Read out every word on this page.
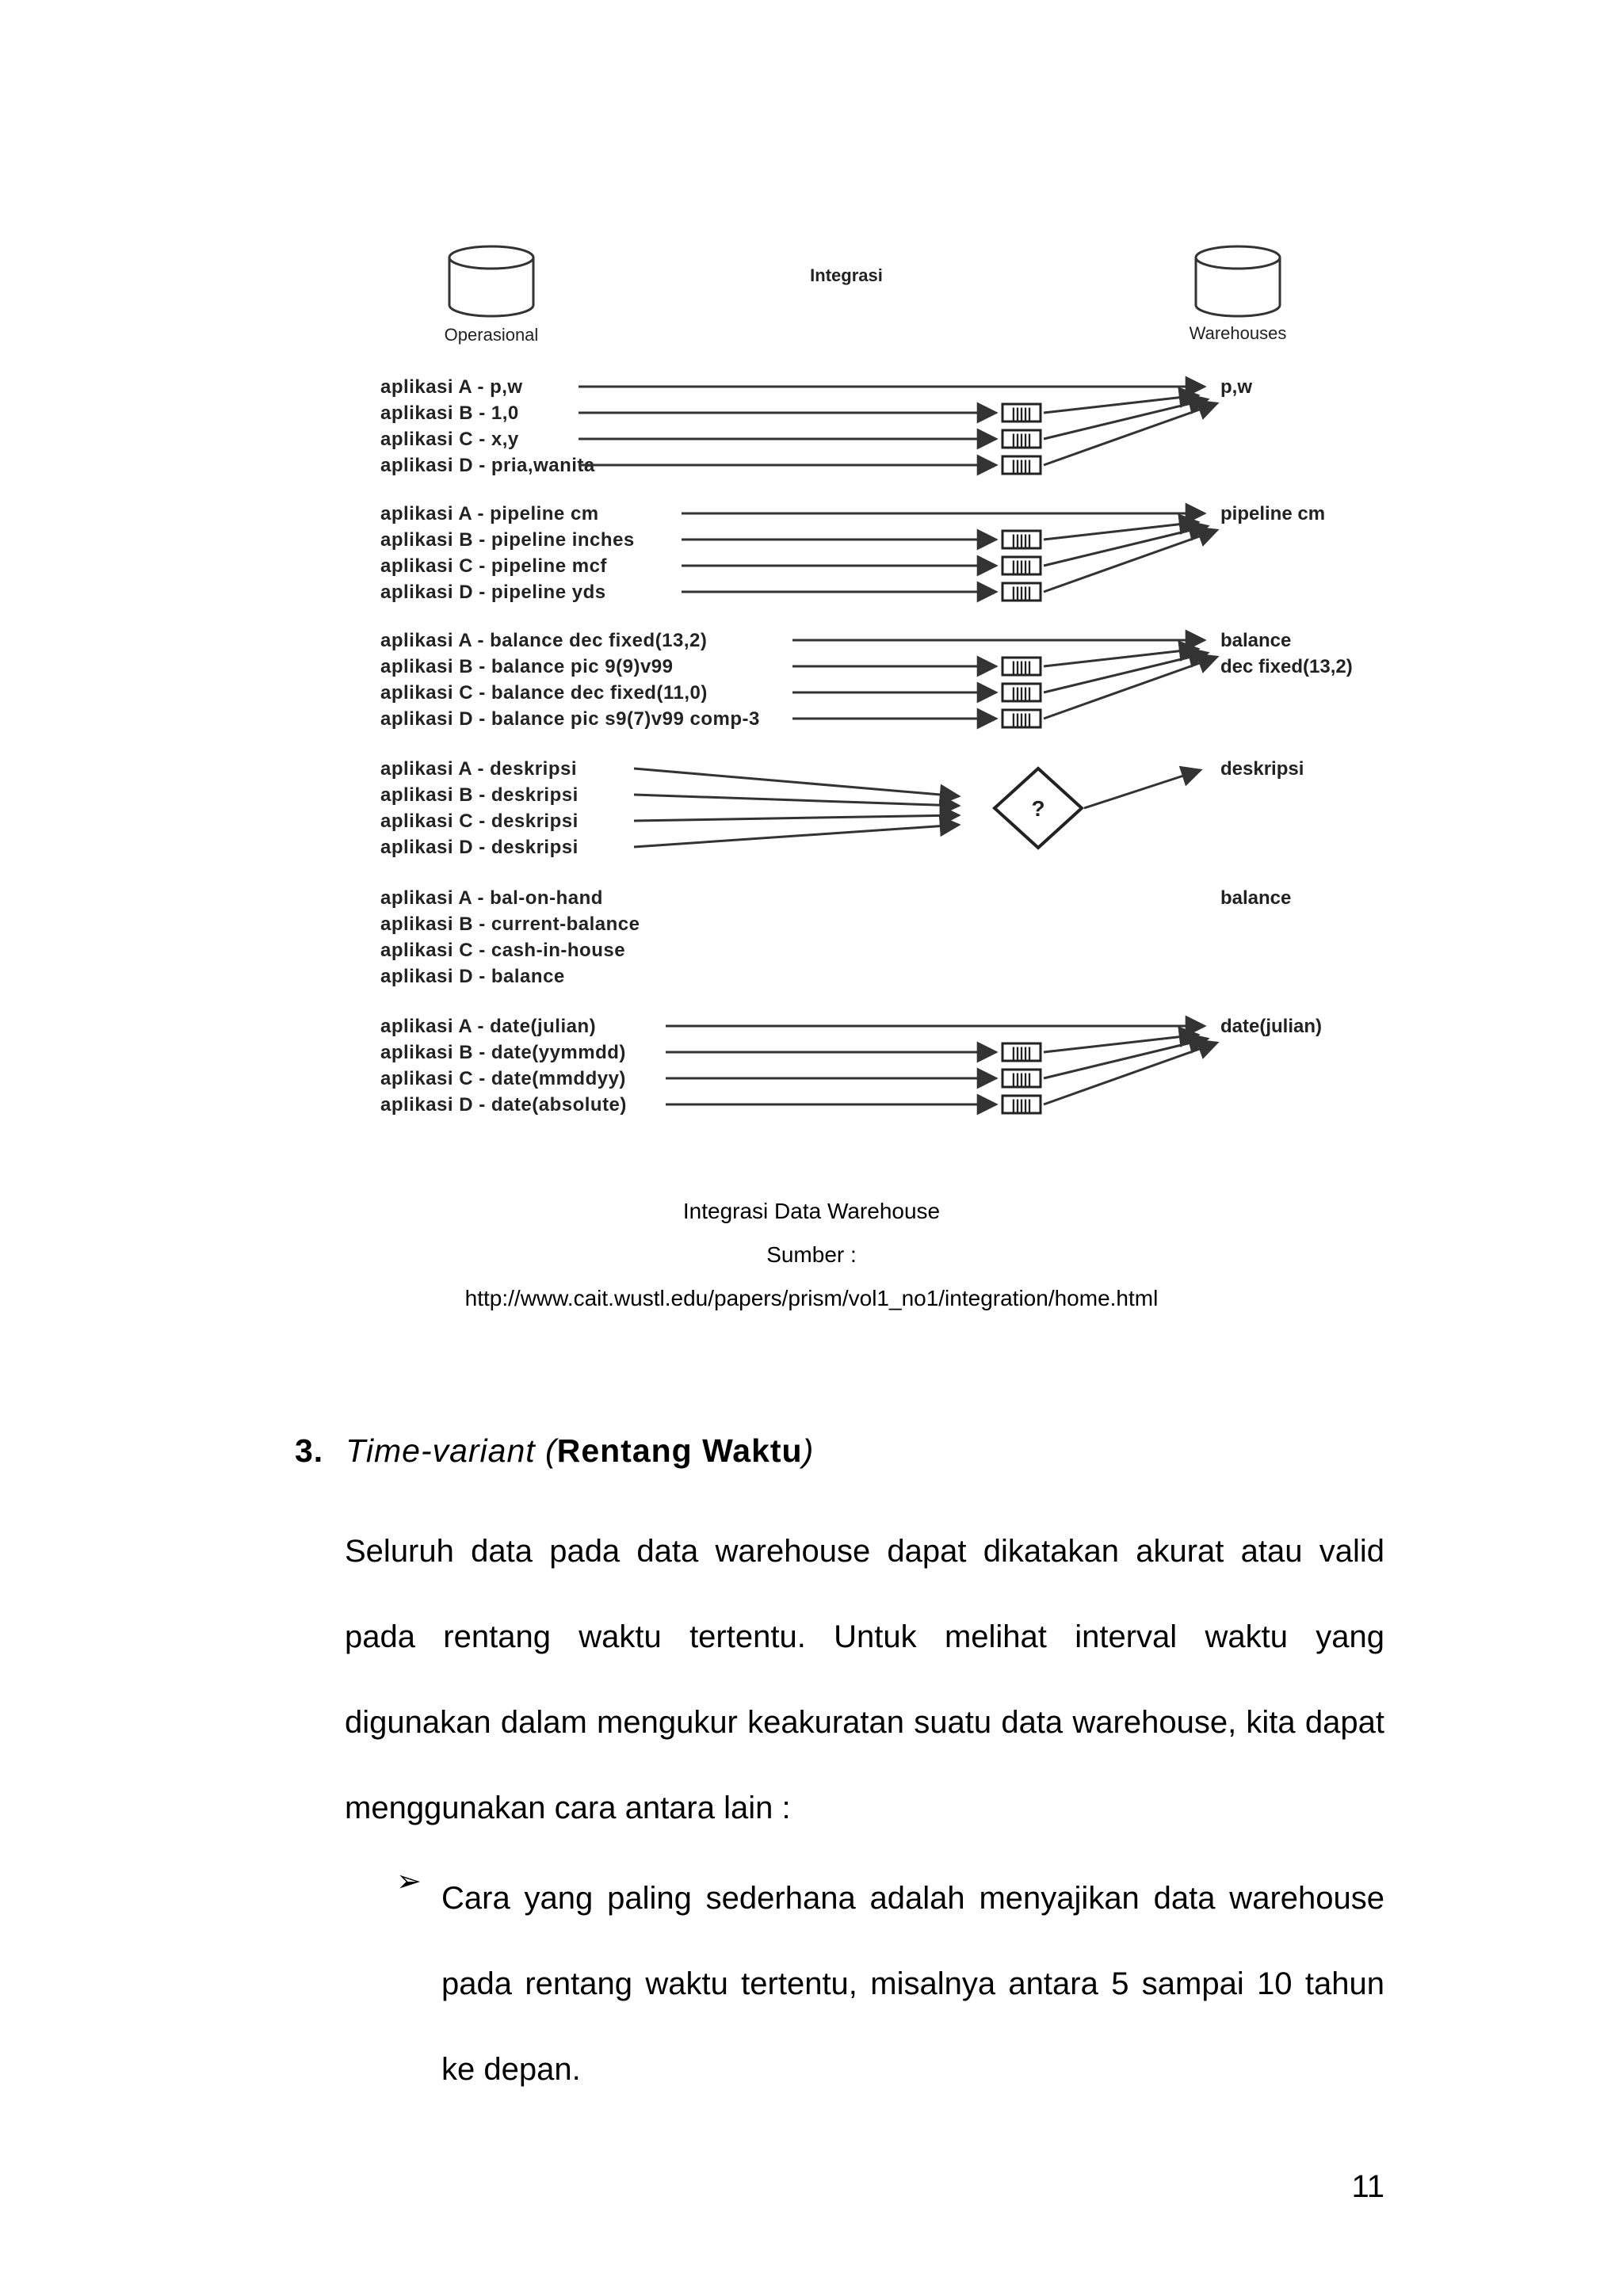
Operasional
Integrasi
Warehouses
aplikasi A - p,w
aplikasi B - 1,0
aplikasi C - x,y
aplikasi D - pria,wanita
p,w
|||||
|||||
|||||
aplikasi A - pipeline cm
aplikasi B - pipeline inches
aplikasi C - pipeline mcf
aplikasi D - pipeline yds
pipeline cm
|||||
|||||
|||||
aplikasi A - balance dec fixed(13,2)
aplikasi B - balance pic 9(9)v99
aplikasi C - balance dec fixed(11,0)
aplikasi D - balance pic s9(7)v99 comp-3
balance
dec fixed(13,2)
|||||
|||||
|||||
aplikasi A - deskripsi
aplikasi B - deskripsi
aplikasi C - deskripsi
aplikasi D - deskripsi
deskripsi
?
aplikasi A - bal-on-hand
aplikasi B - current-balance
aplikasi C - cash-in-house
aplikasi D - balance
balance
aplikasi A - date(julian)
aplikasi B - date(yymmdd)
aplikasi C - date(mmddyy)
aplikasi D - date(absolute)
date(julian)
|||||
|||||
|||||
Integrasi Data Warehouse
Sumber :
http://www.cait.wustl.edu/papers/prism/vol1_no1/integration/home.html
3. Time-variant (Rentang Waktu)

Seluruh data pada data warehouse dapat dikatakan akurat atau valid pada rentang waktu tertentu. Untuk melihat interval waktu yang digunakan dalam mengukur keakuratan suatu data warehouse, kita dapat menggunakan cara antara lain :

➢ Cara yang paling sederhana adalah menyajikan data warehouse pada rentang waktu tertentu, misalnya antara 5 sampai 10 tahun ke depan.

11
